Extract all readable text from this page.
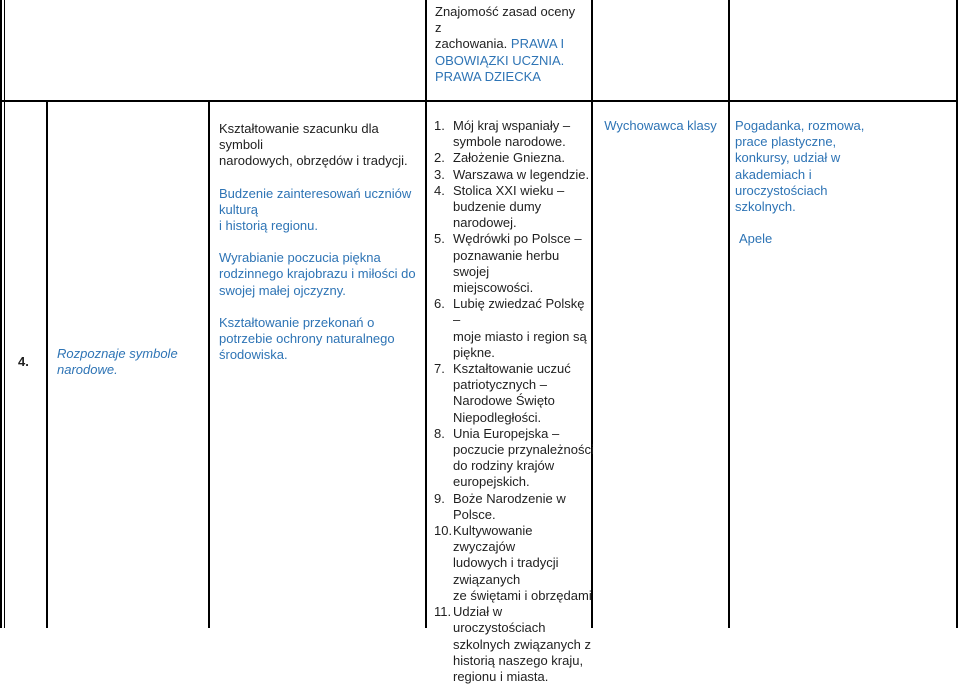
Znajomość zasad oceny z
zachowania. PRAWA I
OBOWIĄZKI UCZNIA.
PRAWA DZIECKA
4.
Rozpoznaje symbole
narodowe.

Kształtowanie szacunku dla symboli
narodowych, obrzędów i tradycji.

Budzenie zainteresowań uczniów
kulturą
i historią regionu.

Wyrabianie poczucia piękna
rodzinnego krajobrazu i miłości do
swojej małej ojczyzny.

Kształtowanie przekonań o
potrzebie ochrony naturalnego
środowiska.

1. Mój kraj wspaniały –
symbole narodowe.
2. Założenie Gniezna.
3. Warszawa w legendzie.
4. Stolica XXI wieku –
budzenie dumy
narodowej.
5. Wędrówki po Polsce –
poznawanie herbu swojej
miejscowości.
6. Lubię zwiedzać Polskę –
moje miasto i region są
piękne.
7. Kształtowanie uczuć
patriotycznych –
Narodowe Święto
Niepodległości.
8. Unia Europejska –
poczucie przynależności
do rodziny krajów
europejskich.
9. Boże Narodzenie w
Polsce.
10. Kultywowanie zwyczajów
ludowych i tradycji
związanych
ze świętami i obrzędami
11. Udział w uroczystościach
szkolnych związanych z
historią naszego kraju,
regionu i miasta.
Wychowawca klasy	Pogadanka, rozmowa,
prace plastyczne,
konkursy, udział w
akademiach i
uroczystościach
szkolnych.
Apele
